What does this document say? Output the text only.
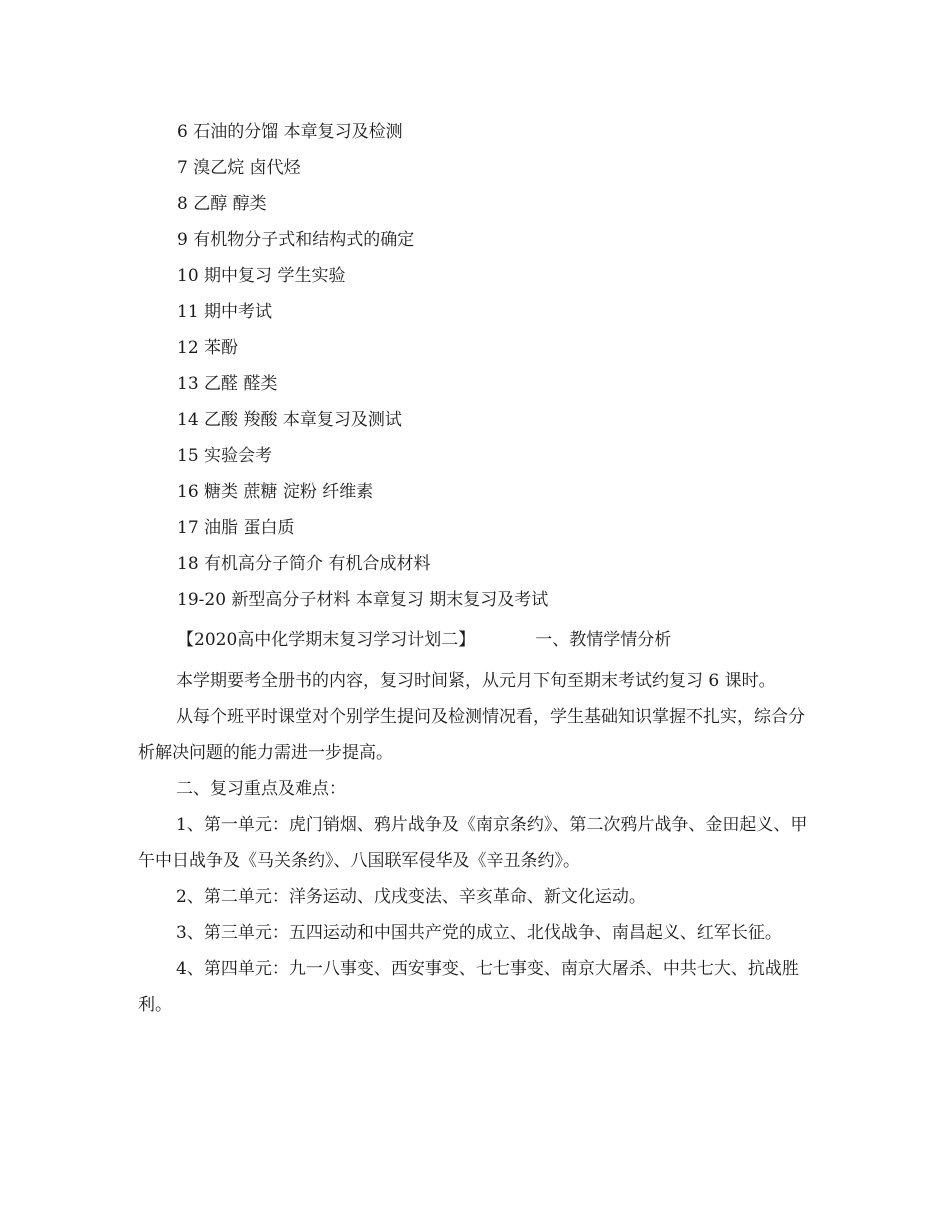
6 石油的分馏 本章复习及检测
7 溴乙烷 卤代烃
8 乙醇 醇类
9 有机物分子式和结构式的确定
10 期中复习 学生实验
11 期中考试
12 苯酚
13 乙醛 醛类
14 乙酸 羧酸 本章复习及测试
15 实验会考
16 糖类 蔗糖 淀粉 纤维素
17 油脂 蛋白质
18 有机高分子简介 有机合成材料
19-20 新型高分子材料 本章复习 期末复习及考试
【2020高中化学期末复习学习计划二】	一、教情学情分析

本学期要考全册书的内容，复习时间紧，从元月下旬至期末考试约复习 6 课时。

从每个班平时课堂对个别学生提问及检测情况看，学生基础知识掌握不扎实，综合分析解决问题的能力需进一步提高。

二、复习重点及难点：

1、第一单元：虎门销烟、鸦片战争及《南京条约》、第二次鸦片战争、金田起义、甲午中日战争及《马关条约》、八国联军侵华及《辛丑条约》。

2、第二单元：洋务运动、戊戌变法、辛亥革命、新文化运动。

3、第三单元：五四运动和中国共产党的成立、北伐战争、南昌起义、红军长征。

4、第四单元：九一八事变、西安事变、七七事变、南京大屠杀、中共七大、抗战胜利。
